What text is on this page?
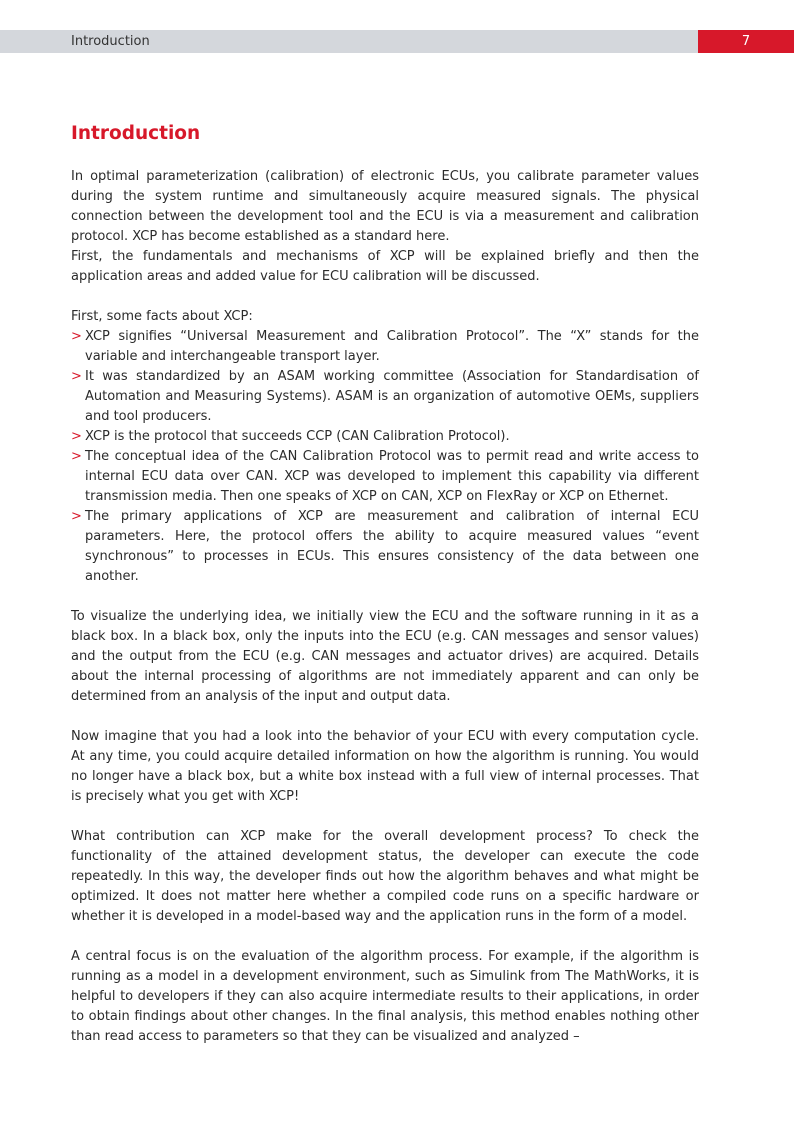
Introduction	7
Introduction

In optimal parameterization (calibration) of electronic ECUs, you calibrate parameter values during the system runtime and simultaneously acquire measured signals. The physical connection between the development tool and the ECU is via a measurement and calibration protocol. XCP has become established as a standard here.

First, the fundamentals and mechanisms of XCP will be explained briefly and then the application areas and added value for ECU calibration will be discussed.

First, some facts about XCP:

> XCP signifies “Universal Measurement and Calibration Protocol”. The “X” stands for the variable and interchangeable transport layer.
> It was standardized by an ASAM working committee (Association for Standardisation of Automation and Measuring Systems). ASAM is an organization of automotive OEMs, suppliers and tool producers.
> XCP is the protocol that succeeds CCP (CAN Calibration Protocol).
> The conceptual idea of the CAN Calibration Protocol was to permit read and write access to internal ECU data over CAN. XCP was developed to implement this capability via different transmission media. Then one speaks of XCP on CAN, XCP on FlexRay or XCP on Ethernet.
> The primary applications of XCP are measurement and calibration of internal ECU parameters. Here, the protocol offers the ability to acquire measured values “event synchronous” to processes in ECUs. This ensures consistency of the data between one another.

To visualize the underlying idea, we initially view the ECU and the software running in it as a black box. In a black box, only the inputs into the ECU (e.g. CAN messages and sensor values) and the output from the ECU (e.g. CAN messages and actuator drives) are acquired. Details about the internal processing of algorithms are not immediately apparent and can only be determined from an analysis of the input and output data.

Now imagine that you had a look into the behavior of your ECU with every computation cycle. At any time, you could acquire detailed information on how the algorithm is running. You would no longer have a black box, but a white box instead with a full view of internal processes. That is precisely what you get with XCP!

What contribution can XCP make for the overall development process? To check the functionality of the attained development status, the developer can execute the code repeatedly. In this way, the developer finds out how the algorithm behaves and what might be optimized. It does not matter here whether a compiled code runs on a specific hardware or whether it is developed in a model-based way and the application runs in the form of a model.

A central focus is on the evaluation of the algorithm process. For example, if the algorithm is running as a model in a development environment, such as Simulink from The MathWorks, it is helpful to developers if they can also acquire intermediate results to their applications, in order to obtain findings about other changes. In the final analysis, this method enables nothing other than read access to parameters so that they can be visualized and analyzed –
